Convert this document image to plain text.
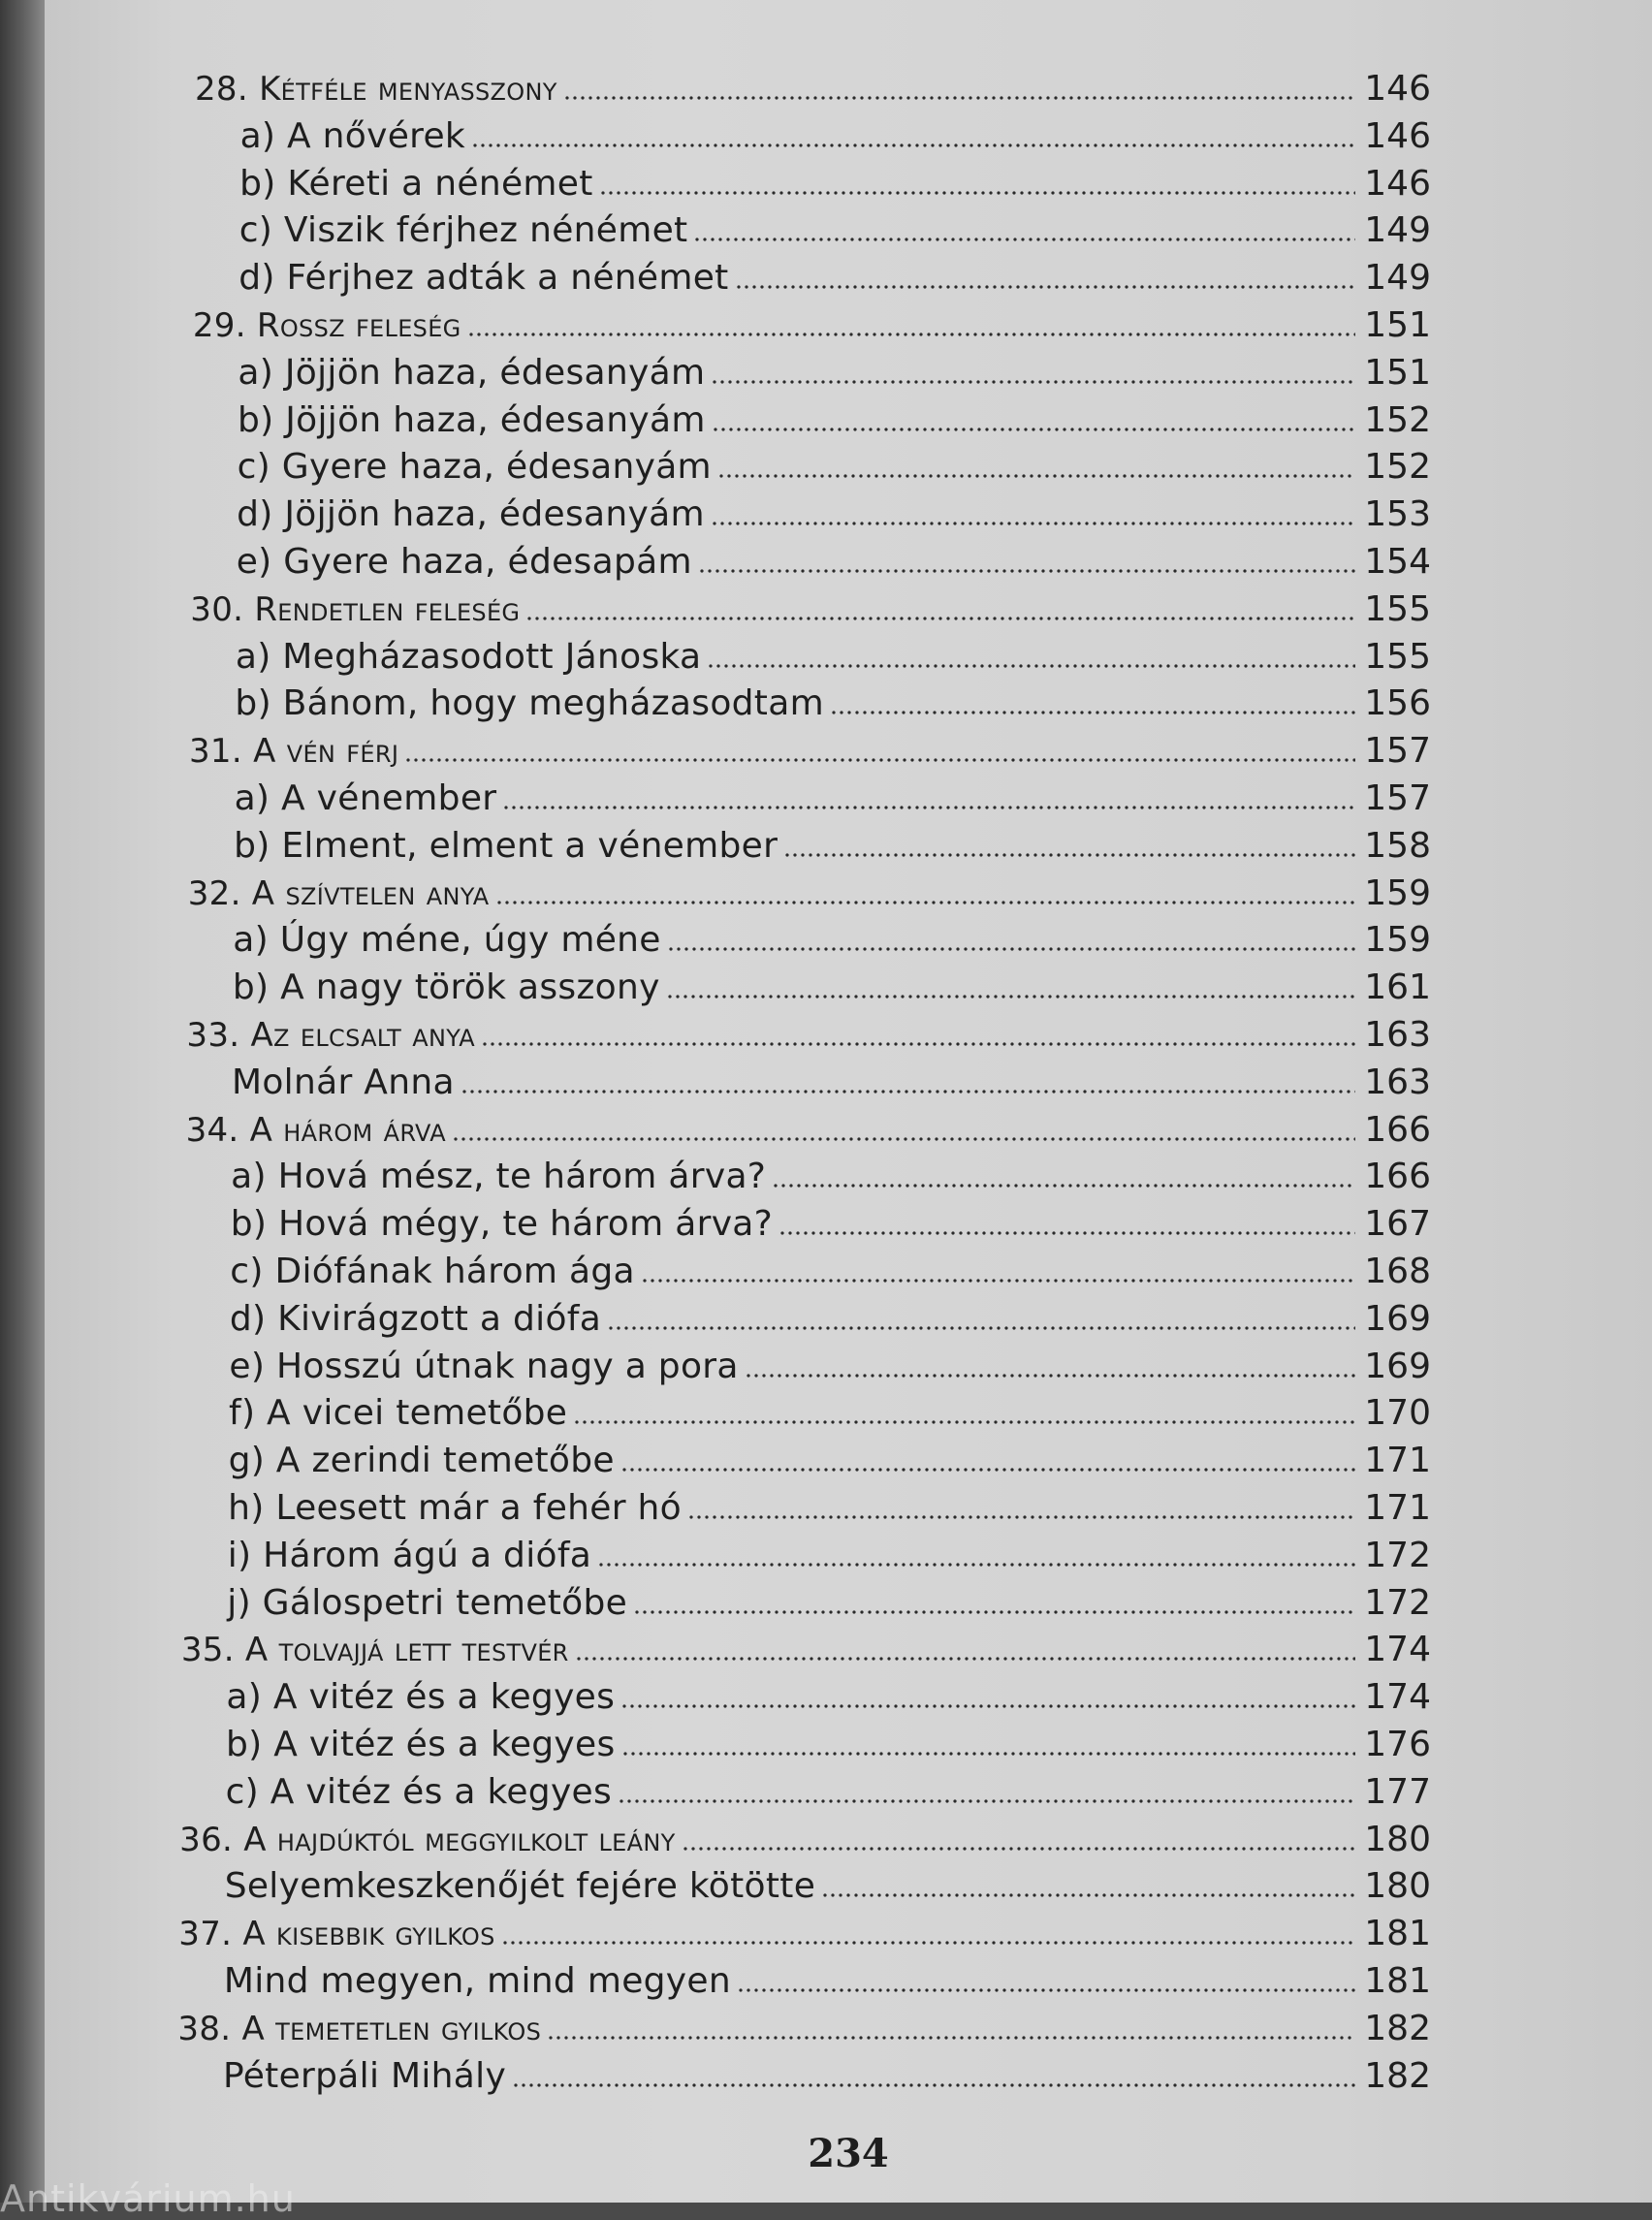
28. Kétféle menyasszony	146
a) A nővérek	146
b) Kéreti a nénémet	146
c) Viszik férjhez nénémet	149
d) Férjhez adták a nénémet	149
29. Rossz feleség	151
a) Jöjjön haza, édesanyám	151
b) Jöjjön haza, édesanyám	152
c) Gyere haza, édesanyám	152
d) Jöjjön haza, édesanyám	153
e) Gyere haza, édesapám	154
30. Rendetlen feleség	155
a) Megházasodott Jánoska	155
b) Bánom, hogy megházasodtam	156
31. A vén férj	157
a) A vénember	157
b) Elment, elment a vénember	158
32. A szívtelen anya	159
a) Úgy méne, úgy méne	159
b) A nagy török asszony	161
33. Az elcsalt anya	163
Molnár Anna	163
34. A három árva	166
a) Hová mész, te három árva?	166
b) Hová mégy, te három árva?	167
c) Diófának három ága	168
d) Kivirágzott a diófa	169
e) Hosszú útnak nagy a pora	169
f) A vicei temetőbe	170
g) A zerindi temetőbe	171
h) Leesett már a fehér hó	171
i) Három ágú a diófa	172
j) Gálospetri temetőbe	172
35. A tolvajjá lett testvér	174
a) A vitéz és a kegyes	174
b) A vitéz és a kegyes	176
c) A vitéz és a kegyes	177
36. A hajdúktól meggyilkolt leány	180
Selyemkeszkenőjét fejére kötötte	180
37. A kisebbik gyilkos	181
Mind megyen, mind megyen	181
38. A temetetlen gyilkos	182
Péterpáli Mihály	182
234
Antikvárium.hu
